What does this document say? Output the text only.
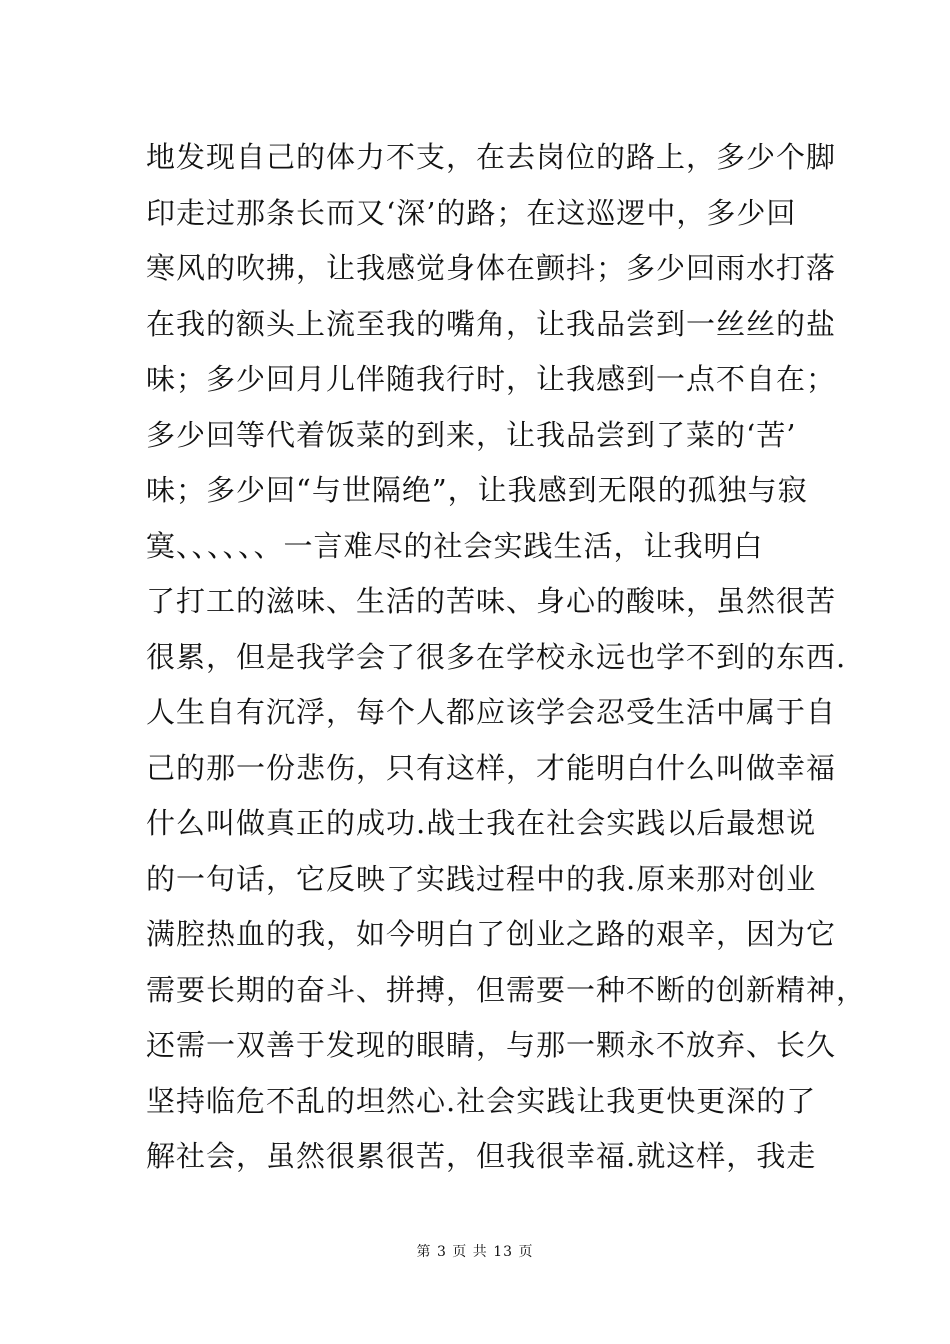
地发现自己的体力不支，在去岗位的路上，多少个脚
印走过那条长而又‘深’的路；在这巡逻中，多少回
寒风的吹拂，让我感觉身体在颤抖；多少回雨水打落
在我的额头上流至我的嘴角，让我品尝到一丝丝的盐
味；多少回月儿伴随我行时，让我感到一点不自在；
多少回等代着饭菜的到来，让我品尝到了菜的‘苦’
味；多少回“与世隔绝”，让我感到无限的孤独与寂
寞、、、、、、一言难尽的社会实践生活，让我明白
了打工的滋味、生活的苦味、身心的酸味，虽然很苦
很累，但是我学会了很多在学校永远也学不到的东西.
人生自有沉浮，每个人都应该学会忍受生活中属于自
己的那一份悲伤，只有这样，才能明白什么叫做幸福
什么叫做真正的成功.战士我在社会实践以后最想说
的一句话，它反映了实践过程中的我.原来那对创业
满腔热血的我，如今明白了创业之路的艰辛，因为它
需要长期的奋斗、拼搏，但需要一种不断的创新精神，
还需一双善于发现的眼睛，与那一颗永不放弃、长久
坚持临危不乱的坦然心.社会实践让我更快更深的了
解社会，虽然很累很苦，但我很幸福.就这样，我走
第 3 页 共 13 页
